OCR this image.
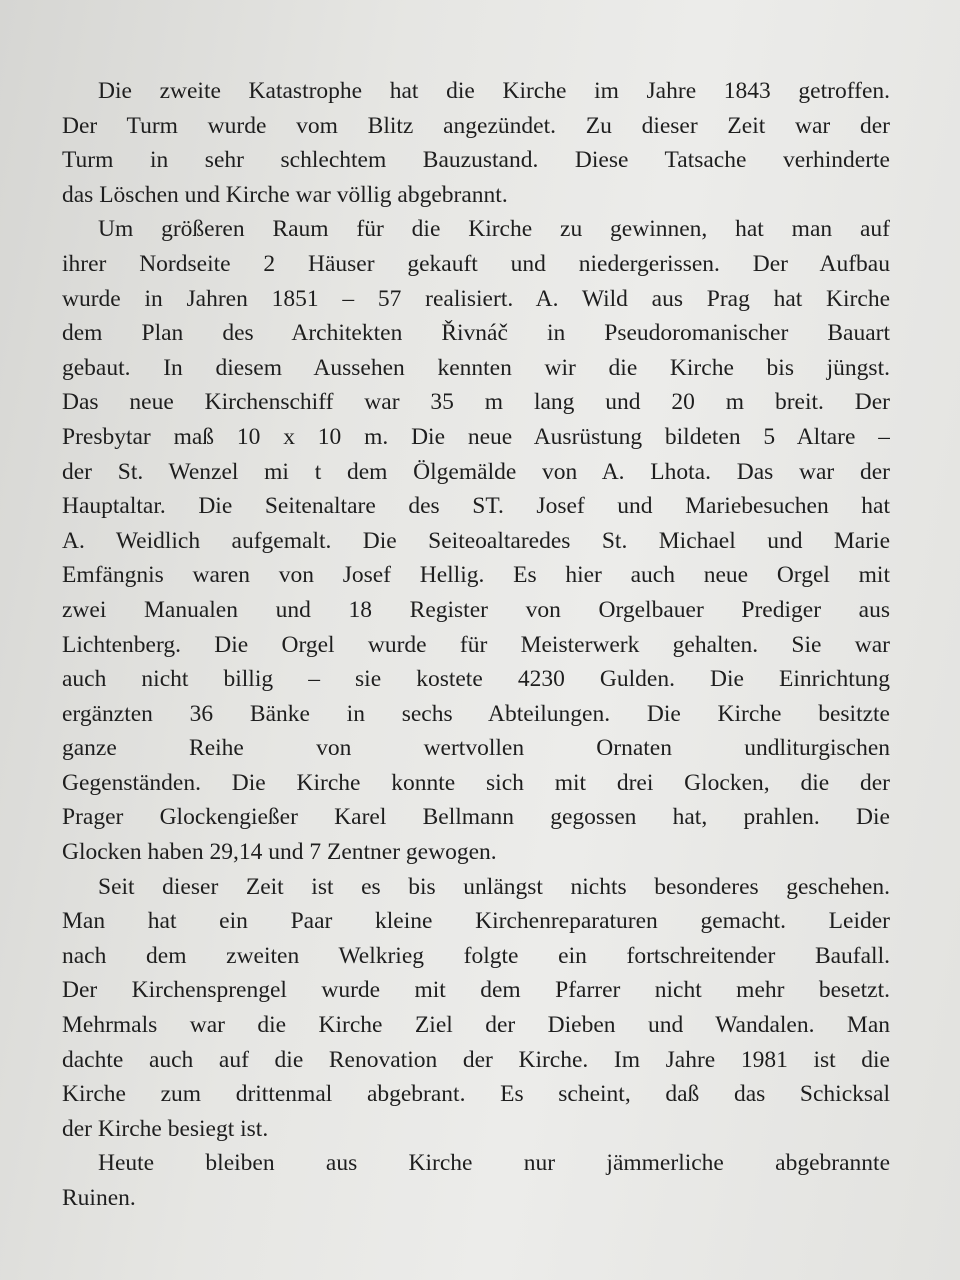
Die zweite Katastrophe hat die Kirche im Jahre 1843 getroffen.
Der Turm wurde vom Blitz angezündet. Zu dieser Zeit war der
Turm in sehr schlechtem Bauzustand. Diese Tatsache verhinderte
das Löschen und Kirche war völlig abgebrannt.
Um größeren Raum für die Kirche zu gewinnen, hat man auf
ihrer Nordseite 2 Häuser gekauft und niedergerissen. Der Aufbau
wurde in Jahren 1851 – 57 realisiert. A. Wild aus Prag hat Kirche
dem Plan des Architekten Řivnáč in Pseudoromanischer Bauart
gebaut. In diesem Aussehen kennten wir die Kirche bis jüngst.
Das neue Kirchenschiff war 35 m lang und 20 m breit. Der
Presbytar maß 10 x 10 m. Die neue Ausrüstung bildeten 5 Altare –
der St. Wenzel mi t dem Ölgemälde von A. Lhota. Das war der
Hauptaltar. Die Seitenaltare des ST. Josef und Mariebesuchen hat
A. Weidlich aufgemalt. Die Seiteoaltaredes St. Michael und Marie
Emfängnis waren von Josef Hellig. Es hier auch neue Orgel mit
zwei Manualen und 18 Register von Orgelbauer Prediger aus
Lichtenberg. Die Orgel wurde für Meisterwerk gehalten. Sie war
auch nicht billig – sie kostete 4230 Gulden. Die Einrichtung
ergänzten 36 Bänke in sechs Abteilungen. Die Kirche besitzte
ganze Reihe von wertvollen Ornaten undliturgischen
Gegenständen. Die Kirche konnte sich mit drei Glocken, die der
Prager Glockengießer Karel Bellmann gegossen hat, prahlen. Die
Glocken haben 29,14 und 7 Zentner gewogen.
Seit dieser Zeit ist es bis unlängst nichts besonderes geschehen.
Man hat ein Paar kleine Kirchenreparaturen gemacht. Leider
nach dem zweiten Welkrieg folgte ein fortschreitender Baufall.
Der Kirchensprengel wurde mit dem Pfarrer nicht mehr besetzt.
Mehrmals war die Kirche Ziel der Dieben und Wandalen. Man
dachte auch auf die Renovation der Kirche. Im Jahre 1981 ist die
Kirche zum drittenmal abgebrant. Es scheint, daß das Schicksal
der Kirche besiegt ist.
Heute bleiben aus Kirche nur jämmerliche abgebrannte
Ruinen.
